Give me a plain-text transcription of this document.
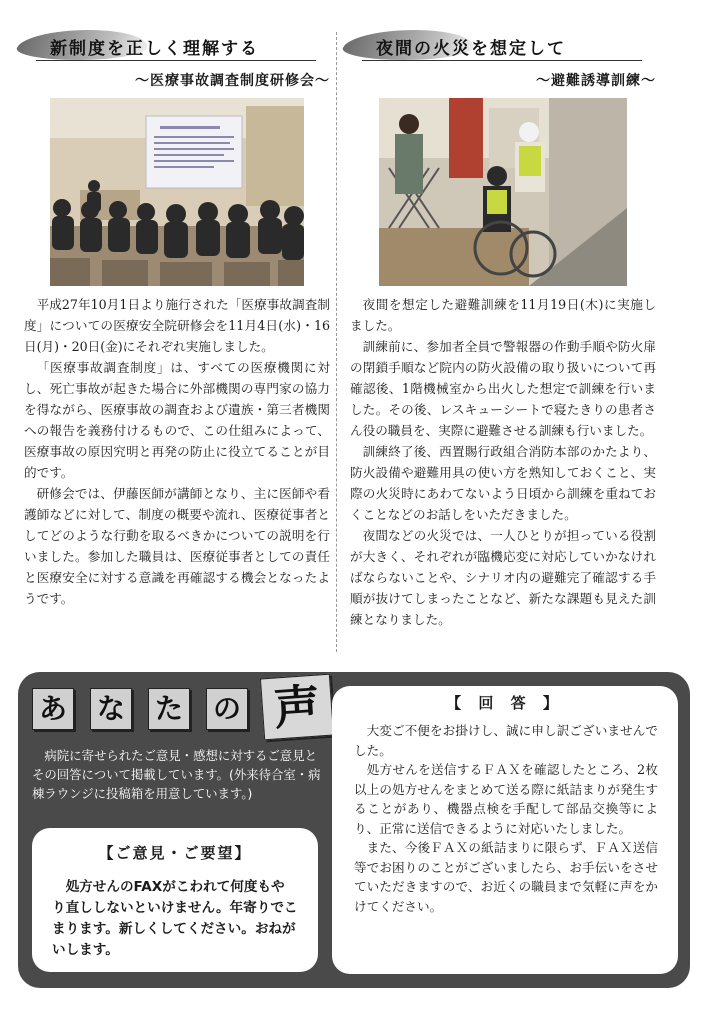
新制度を正しく理解する
～医療事故調査制度研修会～

平成27年10月1日より施行された「医療事故調査制度」についての医療安全院研修会を11月4日(水)・16日(月)・20日(金)にそれぞれ実施しました。

「医療事故調査制度」は、すべての医療機関に対し、死亡事故が起きた場合に外部機関の専門家の協力を得ながら、医療事故の調査および遺族・第三者機関への報告を義務付けるもので、この仕組みによって、医療事故の原因究明と再発の防止に役立てることが目的です。

研修会では、伊藤医師が講師となり、主に医師や看護師などに対して、制度の概要や流れ、医療従事者としてどのような行動を取るべきかについての説明を行いました。参加した職員は、医療従事者としての責任と医療安全に対する意識を再確認する機会となったようです。

夜間の火災を想定して
～避難誘導訓練～

夜間を想定した避難訓練を11月19日(木)に実施しました。

訓練前に、参加者全員で警報器の作動手順や防火扉の閉鎖手順など院内の防火設備の取り扱いについて再確認後、1階機械室から出火した想定で訓練を行いました。その後、レスキューシートで寝たきりの患者さん役の職員を、実際に避難させる訓練も行いました。

訓練終了後、西置賜行政組合消防本部のかたより、防火設備や避難用具の使い方を熟知しておくこと、実際の火災時にあわてないよう日頃から訓練を重ねておくことなどのお話しをいただきました。

夜間などの火災では、一人ひとりが担っている役割が大きく、それぞれが臨機応変に対応していかなければならないことや、シナリオ内の避難完了確認する手順が抜けてしまったことなど、新たな課題も見えた訓練となりました。

あ な た の 声

病院に寄せられたご意見・感想に対するご意見とその回答について掲載しています。(外来待合室・病棟ラウンジに投稿箱を用意しています。)

【ご意見・ご要望】

処方せんのFAXがこわれて何度もやり直ししないといけません。年寄りでこまります。新しくしてください。おねがいします。

【 回 答 】

大変ご不便をお掛けし、誠に申し訳ございませんでした。

処方せんを送信するＦＡＸを確認したところ、2枚以上の処方せんをまとめて送る際に紙詰まりが発生することがあり、機器点検を手配して部品交換等により、正常に送信できるように対応いたしました。

また、今後ＦＡＸの紙詰まりに限らず、ＦＡＸ送信等でお困りのことがございましたら、お手伝いをさせていただきますので、お近くの職員まで気軽に声をかけてください。
